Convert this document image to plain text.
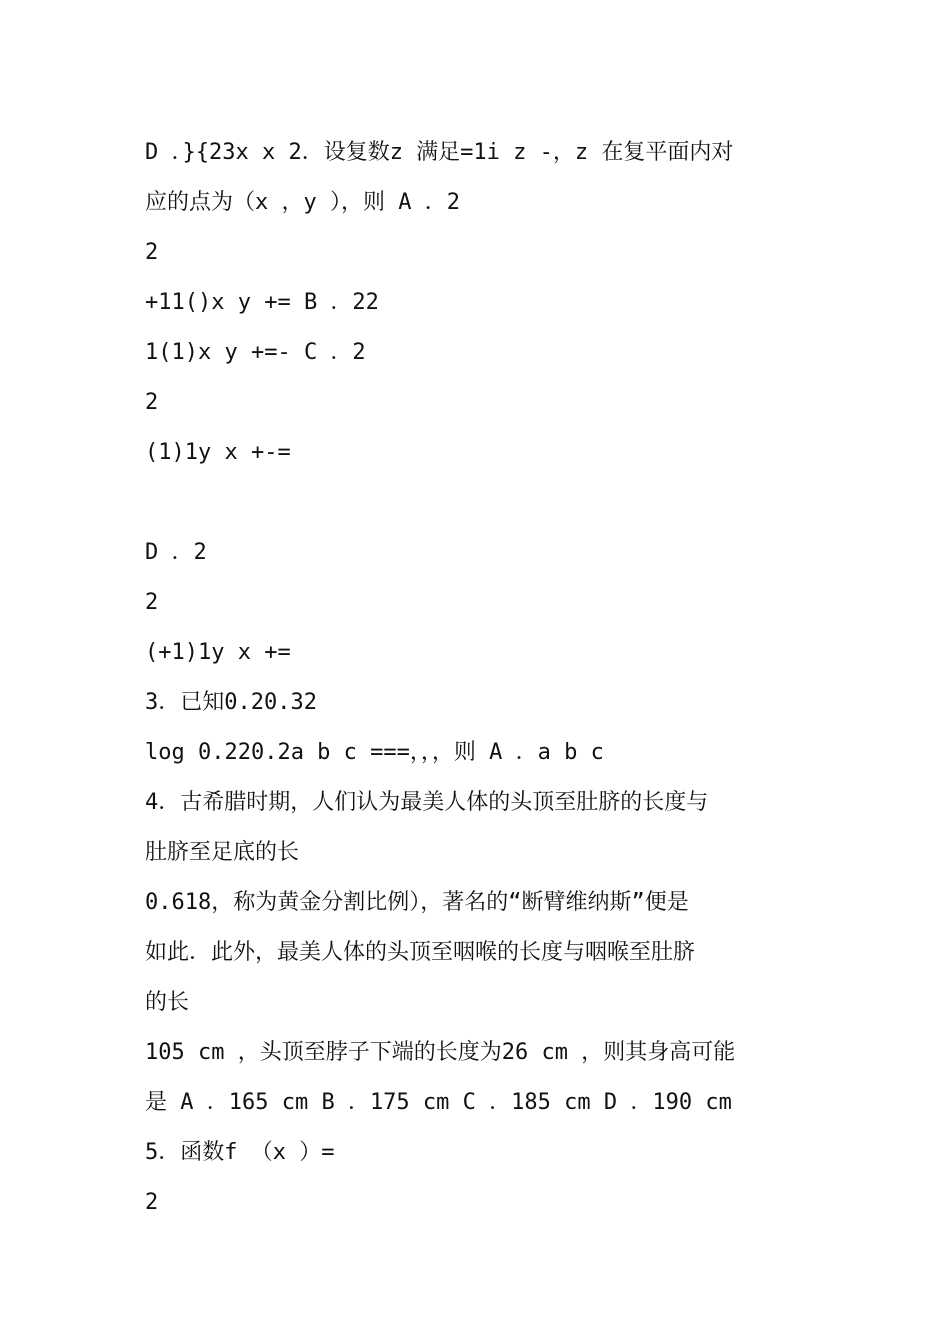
D ．}{23x x 2．设复数z 满足=1i z -，z 在复平面内对
应的点为（x ，y ），则 A ．2
2
+11()x y += B ．22
1(1)x y +=- C ．2
2
(1)1y x +-=
D ．2
2
(+1)1y x +=
3．已知0.20.32
log 0.220.2a b c ===，，，则 A ．a b c
4．古希腊时期，人们认为最美人体的头顶至肚脐的长度与
肚脐至足底的长
0.618，称为黄金分割比例），著名的“断臂维纳斯”便是
如此．此外，最美人体的头顶至咽喉的长度与咽喉至肚脐
的长
105 cm ，头顶至脖子下端的长度为26 cm ，则其身高可能
是 A ．165 cm B ．175 cm C ．185 cm D ．190 cm
5．函数f （x ）=
2
